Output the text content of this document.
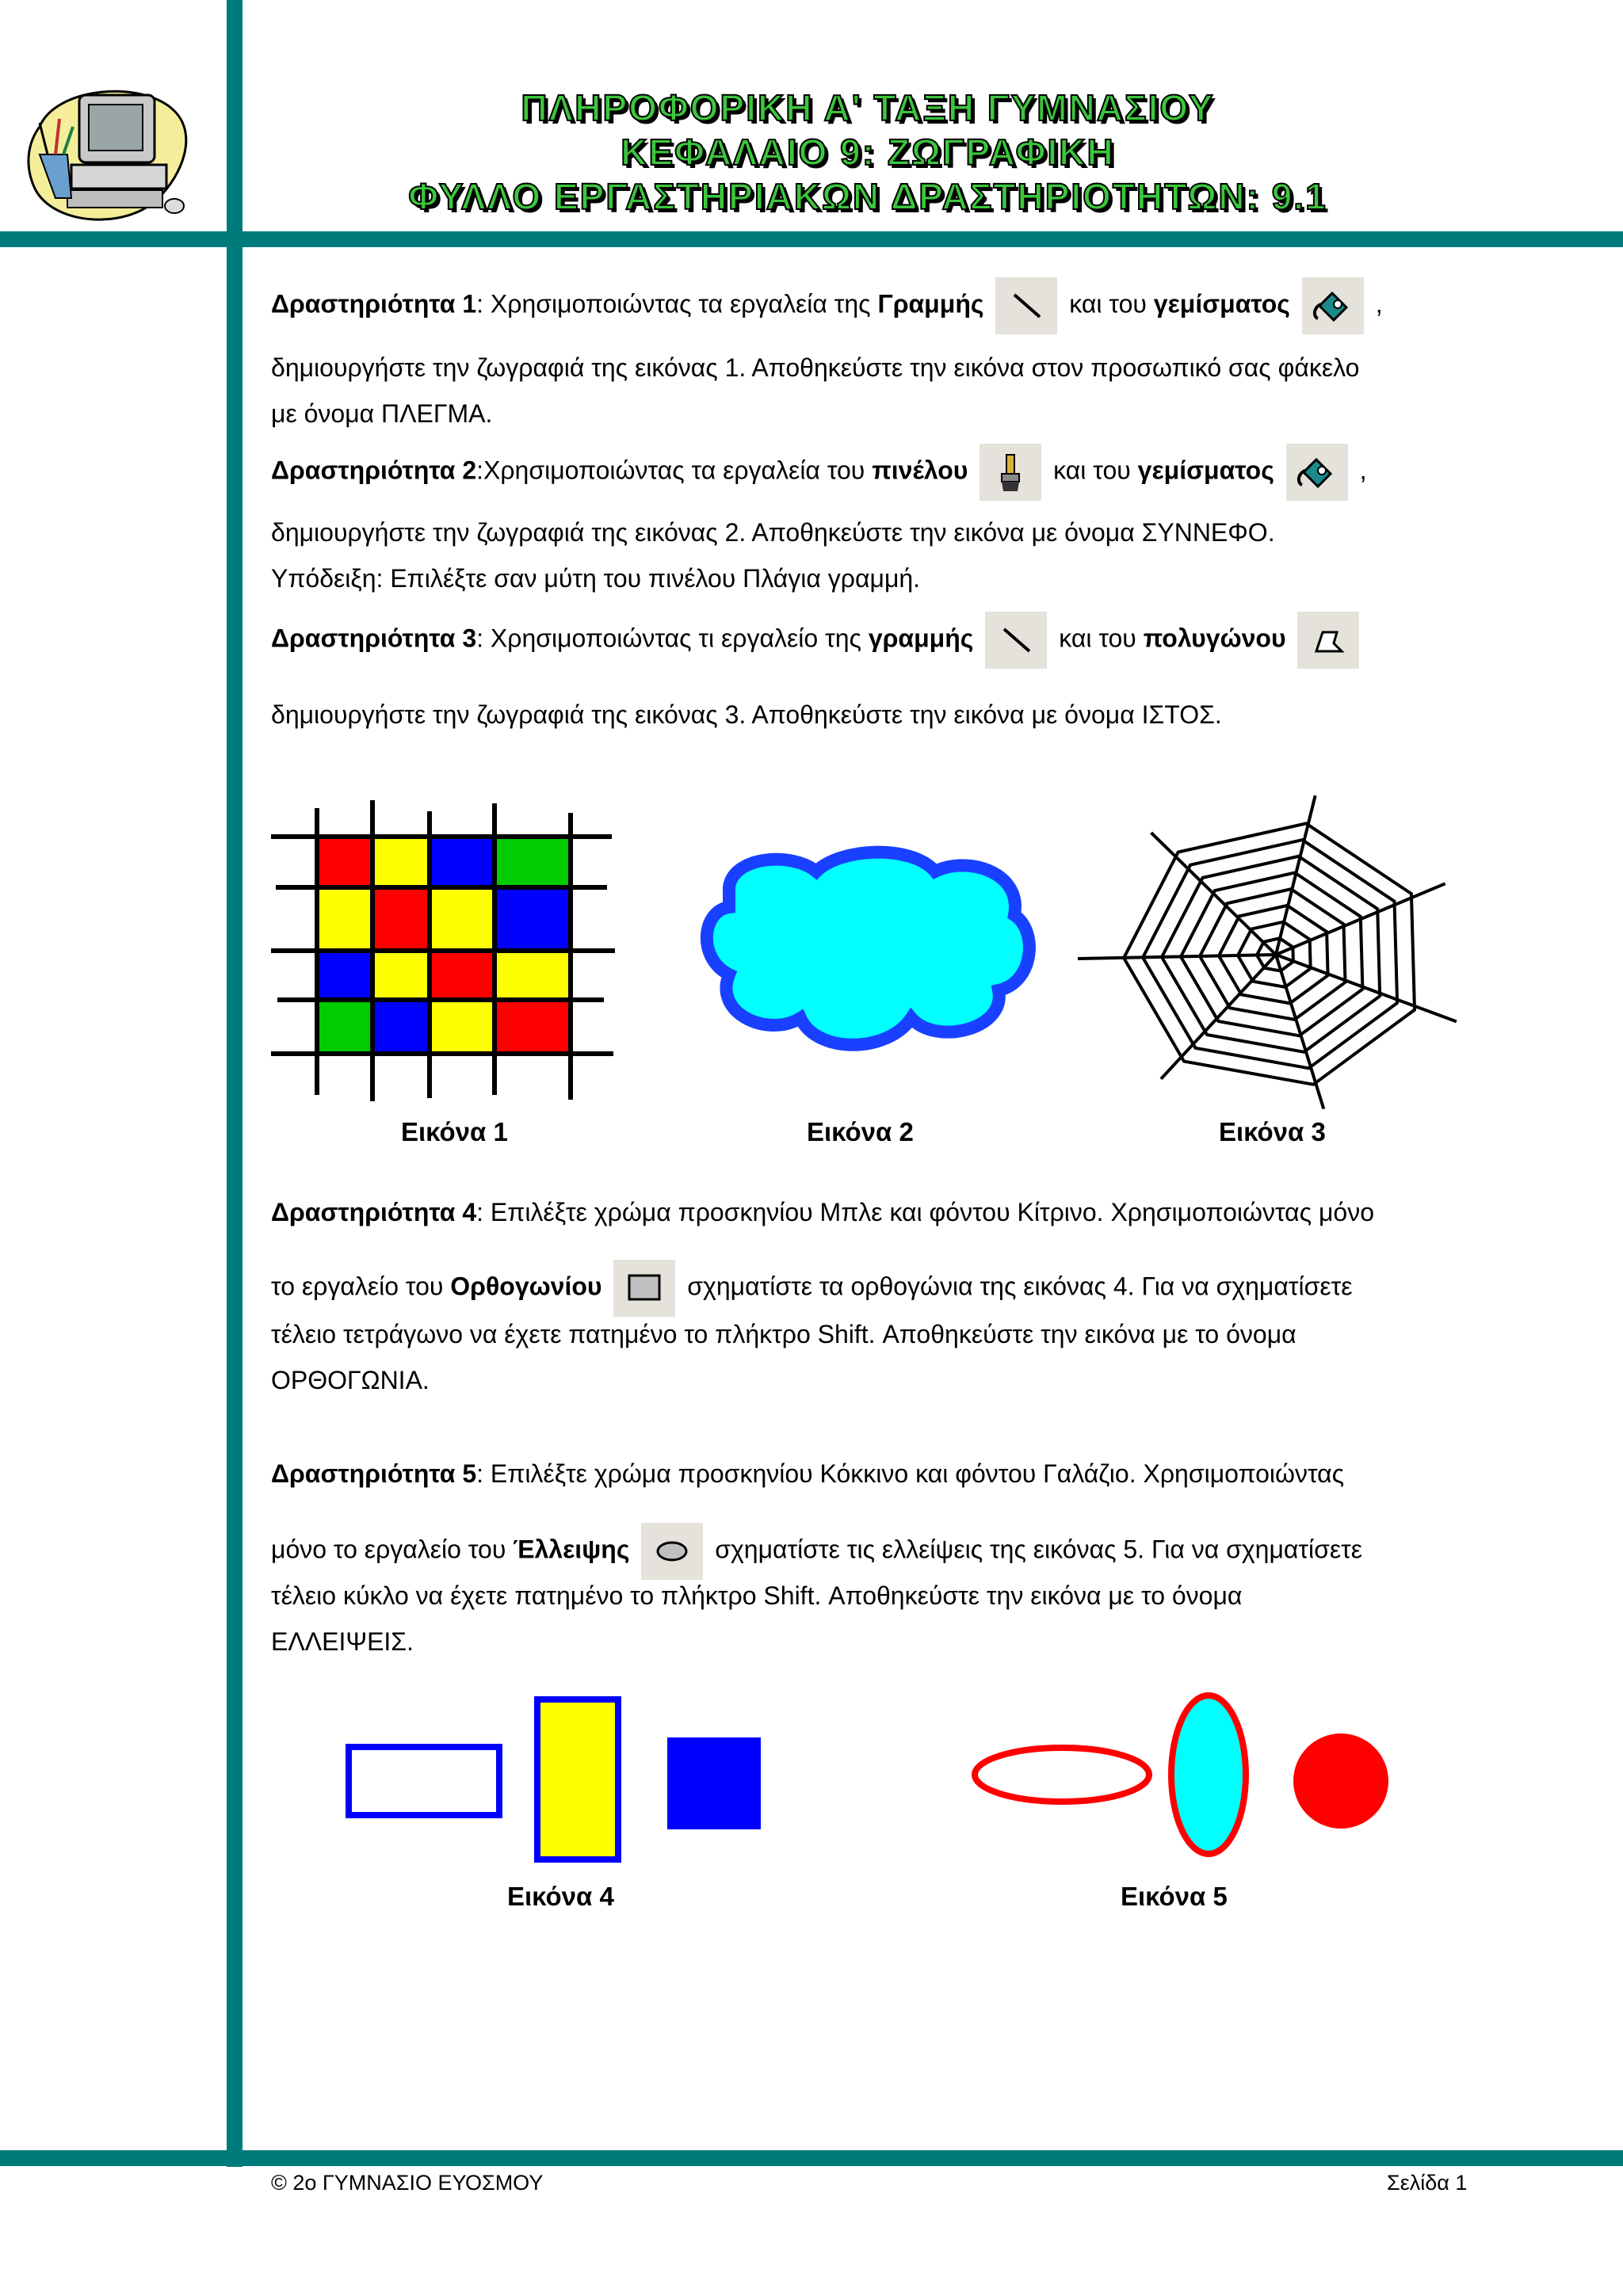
ΠΛΗΡΟΦΟΡΙΚΗ Α' ΤΑΞΗ ΓΥΜΝΑΣΙΟΥ
ΚΕΦΑΛΑΙΟ 9: ΖΩΓΡΑΦΙΚΗ
ΦΥΛΛΟ ΕΡΓΑΣΤΗΡΙΑΚΩΝ ΔΡΑΣΤΗΡΙΟΤΗΤΩΝ: 9.1
Δραστηριότητα 1: Χρησιμοποιώντας τα εργαλεία της Γραμμής	και του γεμίσματος	,
δημιουργήστε την ζωγραφιά της εικόνας 1. Αποθηκεύστε την εικόνα στον προσωπικό σας φάκελο
με όνομα ΠΛΕΓΜΑ.
Δραστηριότητα 2:Χρησιμοποιώντας τα εργαλεία του πινέλου	και του γεμίσματος	,
δημιουργήστε την ζωγραφιά της εικόνας 2. Αποθηκεύστε την εικόνα με όνομα ΣΥΝΝΕΦΟ.
Υπόδειξη: Επιλέξτε σαν μύτη του πινέλου Πλάγια γραμμή.
Δραστηριότητα 3: Χρησιμοποιώντας τι εργαλείο της γραμμής	και του πολυγώνου
δημιουργήστε την ζωγραφιά της εικόνας 3. Αποθηκεύστε την εικόνα με όνομα ΙΣΤΟΣ.
Δραστηριότητα 4: Επιλέξτε χρώμα προσκηνίου Μπλε και φόντου Κίτρινο. Χρησιμοποιώντας μόνο
το εργαλείο του Ορθογωνίου	σχηματίστε τα ορθογώνια της εικόνας 4. Για να σχηματίσετε
τέλειο τετράγωνο να έχετε πατημένο το πλήκτρο Shift. Αποθηκεύστε την εικόνα με το όνομα
ΟΡΘΟΓΩΝΙΑ.
Δραστηριότητα 5: Επιλέξτε χρώμα προσκηνίου Κόκκινο και φόντου Γαλάζιο. Χρησιμοποιώντας
μόνο το εργαλείο του Έλλειψης	σχηματίστε τις ελλείψεις της εικόνας 5. Για να σχηματίσετε
τέλειο κύκλο να έχετε πατημένο το πλήκτρο Shift. Αποθηκεύστε την εικόνα με το όνομα
ΕΛΛΕΙΨΕΙΣ.
Εικόνα 1	Εικόνα 2	Εικόνα 3
Εικόνα 4	Εικόνα 5
© 2ο ΓΥΜΝΑΣΙΟ ΕΥΟΣΜΟΥ	Σελίδα 1
